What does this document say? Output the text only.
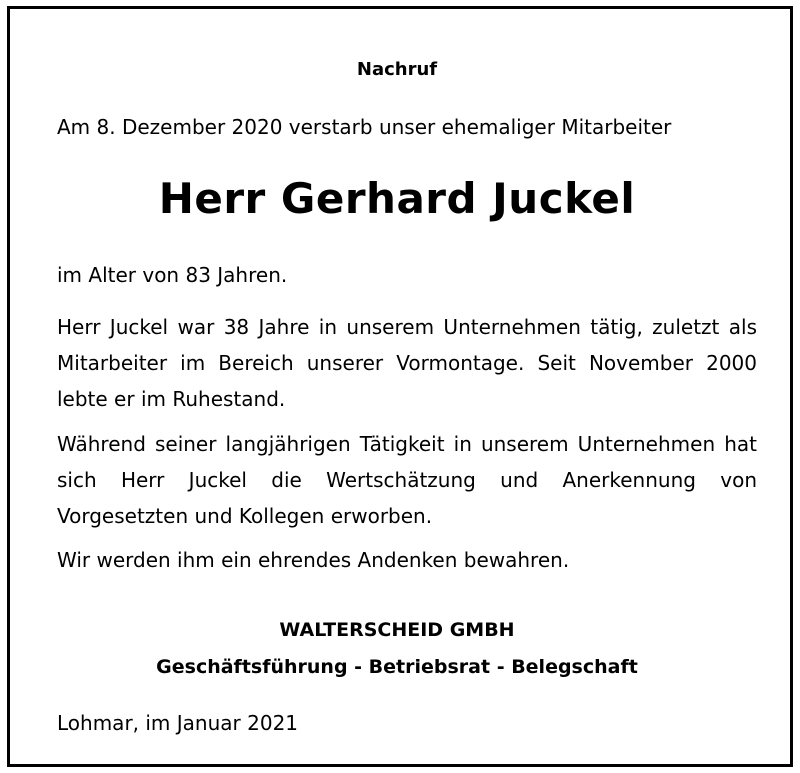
Nachruf
Am 8. Dezember 2020 verstarb unser ehemaliger Mitarbeiter
Herr Gerhard Juckel
im Alter von 83 Jahren.
Herr Juckel war 38 Jahre in unserem Unternehmen tätig, zuletzt als Mitarbeiter im Bereich unserer Vormontage. Seit November 2000 lebte er im Ruhestand.
Während seiner langjährigen Tätigkeit in unserem Unternehmen hat sich Herr Juckel die Wertschätzung und Anerkennung von Vorgesetzten und Kollegen erworben.
Wir werden ihm ein ehrendes Andenken bewahren.
WALTERSCHEID GMBH
Geschäftsführung - Betriebsrat - Belegschaft
Lohmar, im Januar 2021
